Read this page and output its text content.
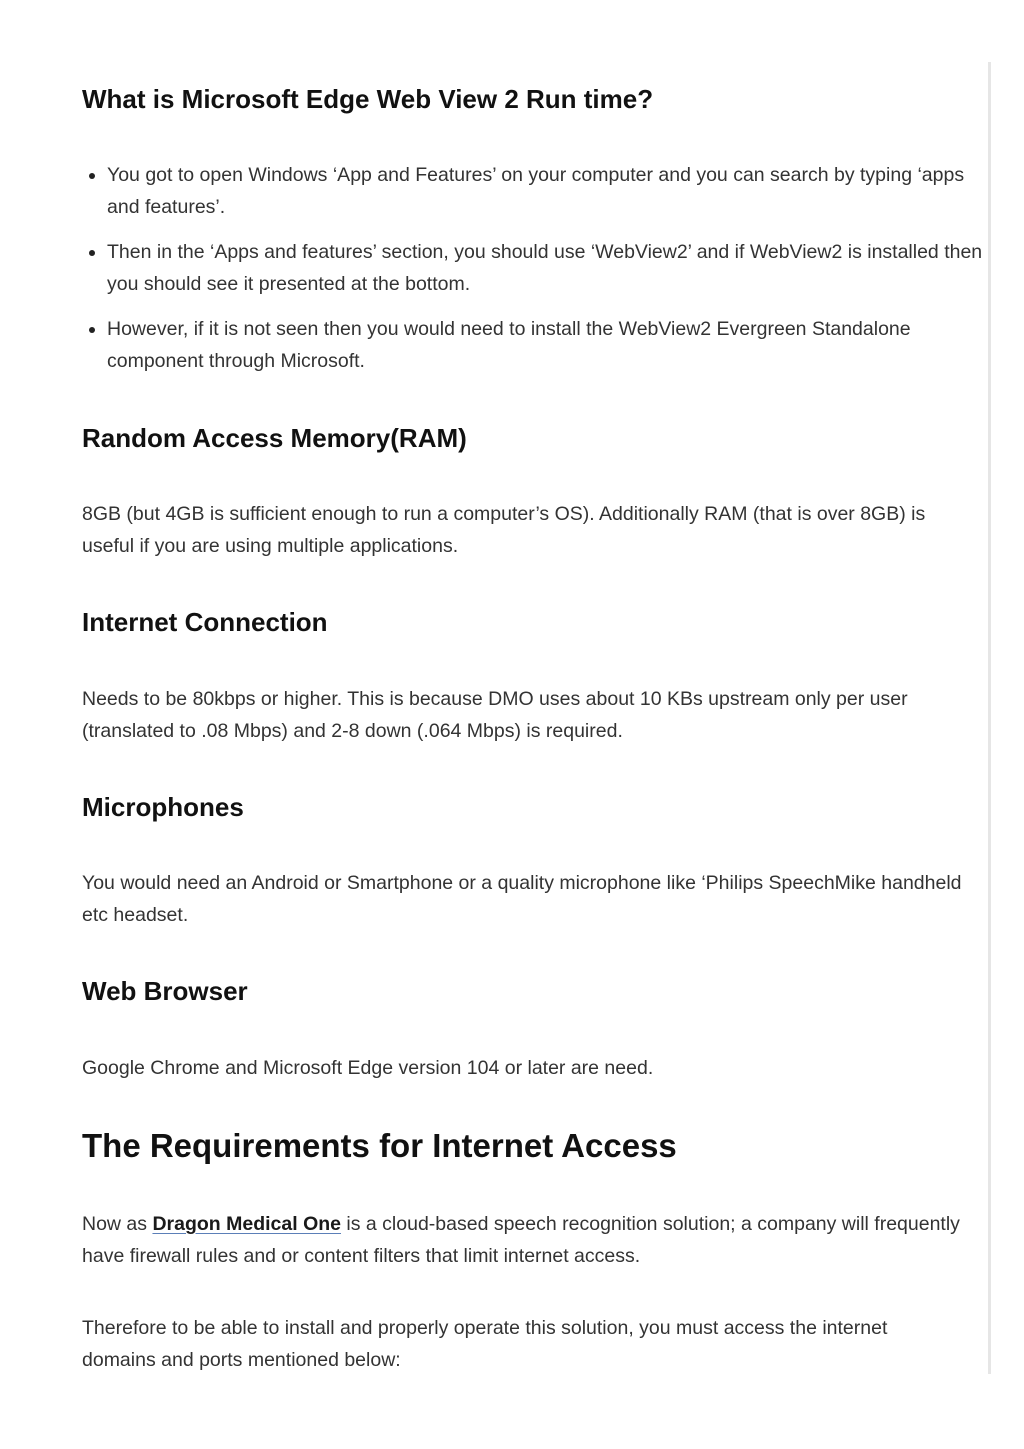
What is Microsoft Edge Web View 2 Run time?
• You got to open Windows ‘App and Features’ on your computer and you can search by typing ‘apps and features’.
• Then in the ‘Apps and features’ section, you should use ‘WebView2’ and if WebView2 is installed then you should see it presented at the bottom.
• However, if it is not seen then you would need to install the WebView2 Evergreen Standalone component through Microsoft.
Random Access Memory(RAM)

8GB (but 4GB is sufficient enough to run a computer’s OS). Additionally RAM (that is over 8GB) is useful if you are using multiple applications.

Internet Connection

Needs to be 80kbps or higher. This is because DMO uses about 10 KBs upstream only per user (translated to .08 Mbps) and 2-8 down (.064 Mbps) is required.

Microphones

You would need an Android or Smartphone or a quality microphone like ‘Philips SpeechMike handheld etc headset.

Web Browser

Google Chrome and Microsoft Edge version 104 or later are need.

The Requirements for Internet Access

Now as Dragon Medical One is a cloud-based speech recognition solution; a company will frequently have firewall rules and or content filters that limit internet access.

Therefore to be able to install and properly operate this solution, you must access the internet domains and ports mentioned below:
